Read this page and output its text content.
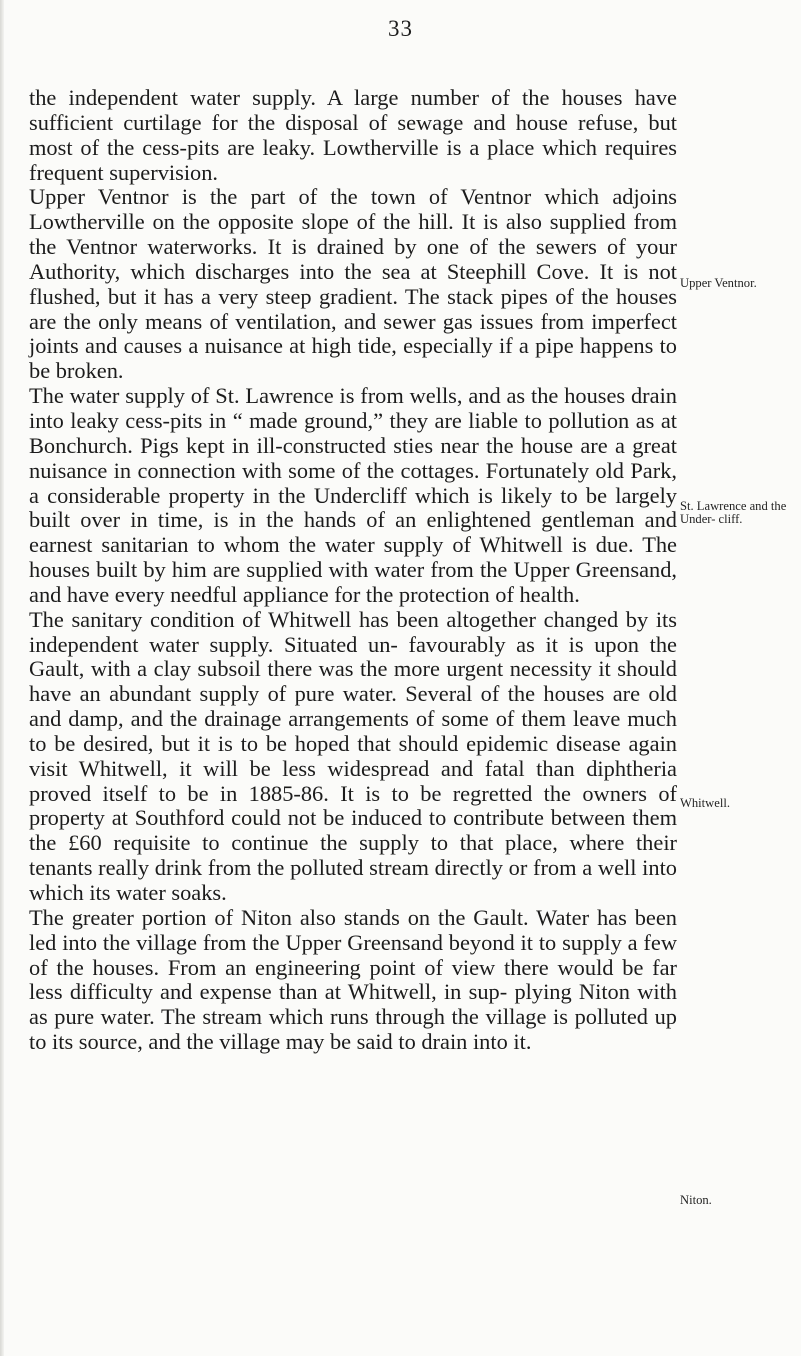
33

the independent water supply. A large number of the houses have sufficient curtilage for the disposal of sewage and house refuse, but most of the cess-pits are leaky. Lowtherville is a place which requires frequent supervision.

Upper Ventnor is the part of the town of Ventnor which adjoins Lowtherville on the opposite slope of the hill. It is also supplied from the Ventnor waterworks. It is drained by one of the sewers of your Authority, which discharges into the sea at Steephill Cove. It is not flushed, but it has a very steep gradient. The stack pipes of the houses are the only means of ventilation, and sewer gas issues from imperfect joints and causes a nuisance at high tide, especially if a pipe happens to be broken.

The water supply of St. Lawrence is from wells, and as the houses drain into leaky cess-pits in “ made ground,” they are liable to pollution as at Bonchurch. Pigs kept in ill-constructed sties near the house are a great nuisance in connection with some of the cottages. Fortunately old Park, a considerable property in the Undercliff which is likely to be largely built over in time, is in the hands of an enlightened gentleman and earnest sanitarian to whom the water supply of Whitwell is due. The houses built by him are supplied with water from the Upper Greensand, and have every needful appliance for the protection of health.

The sanitary condition of Whitwell has been altogether changed by its independent water supply. Situated un- favourably as it is upon the Gault, with a clay subsoil there was the more urgent necessity it should have an abundant supply of pure water. Several of the houses are old and damp, and the drainage arrangements of some of them leave much to be desired, but it is to be hoped that should epidemic disease again visit Whitwell, it will be less widespread and fatal than diphtheria proved itself to be in 1885-86. It is to be regretted the owners of property at Southford could not be induced to contribute between them the £60 requisite to continue the supply to that place, where their tenants really drink from the polluted stream directly or from a well into which its water soaks.

The greater portion of Niton also stands on the Gault. Water has been led into the village from the Upper Greensand beyond it to supply a few of the houses. From an engineering point of view there would be far less difficulty and expense than at Whitwell, in sup- plying Niton with as pure water. The stream which runs through the village is polluted up to its source, and the village may be said to drain into it.

Upper Ventnor.
St. Lawrence and the Under- cliff.
Whitwell.
Niton.
